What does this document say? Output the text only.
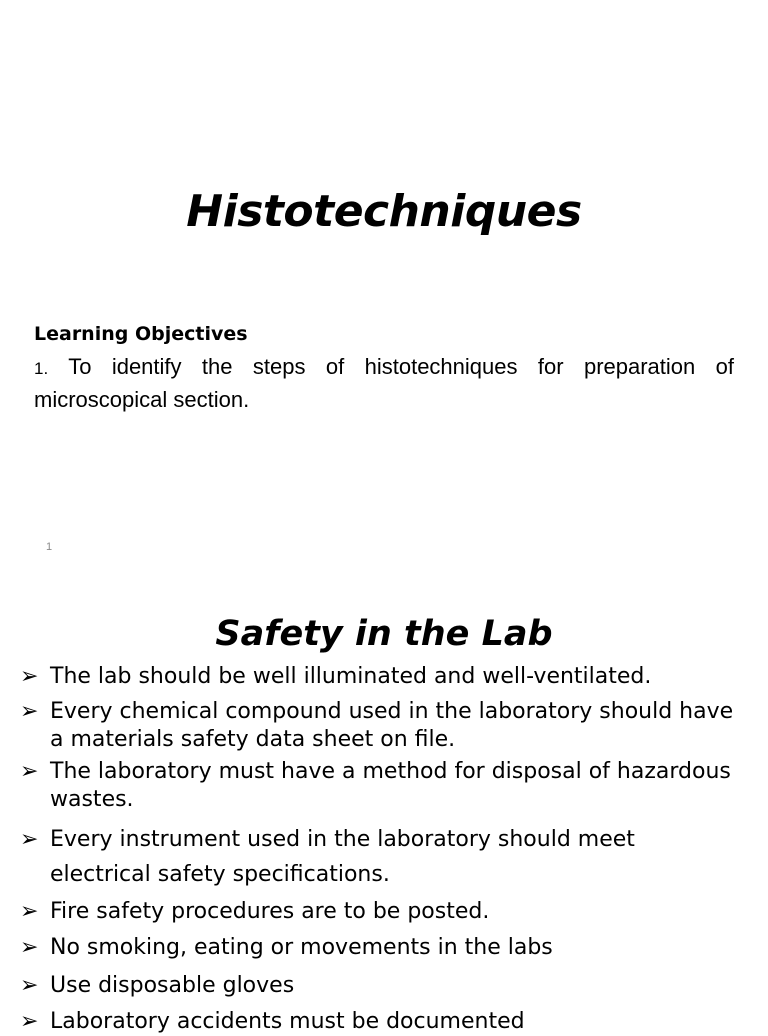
Histotechniques
Learning Objectives
1. To identify the steps of histotechniques for preparation of microscopical section.
1
Safety in the Lab
➢ The lab should be well illuminated and well-ventilated.
➢ Every chemical compound used in the laboratory should have a materials safety data sheet on file.
➢ The laboratory must have a method for disposal of hazardous wastes.
➢ Every instrument used in the laboratory should meet electrical safety specifications.
➢ Fire safety procedures are to be posted.
➢ No smoking, eating or movements in the labs
➢ Use disposable gloves
➢ Laboratory accidents must be documented
